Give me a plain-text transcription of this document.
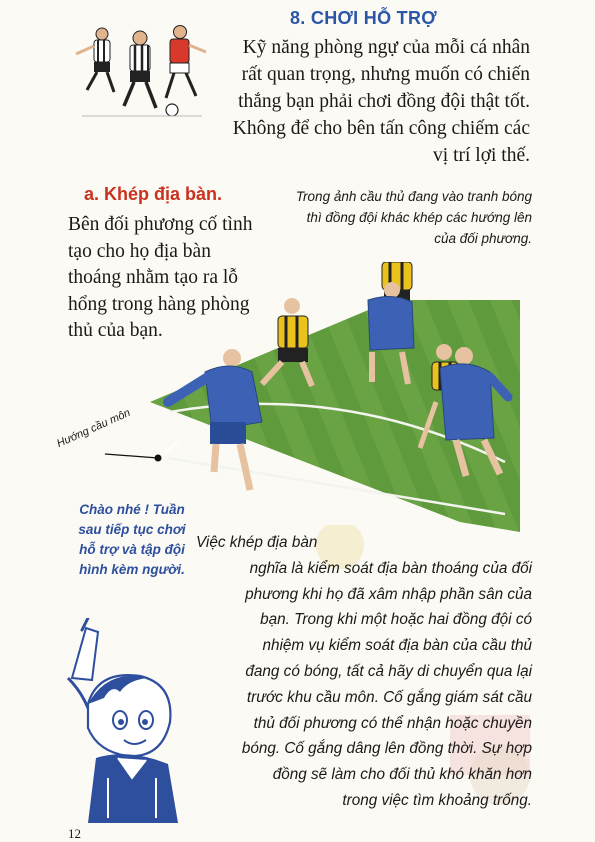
8. CHƠI HỖ TRỢ
Kỹ năng phòng ngự của mỗi cá nhân rất quan trọng, nhưng muốn có chiến thắng bạn phải chơi đồng đội thật tốt. Không để cho bên tấn công chiếm các vị trí lợi thế.
a. Khép địa bàn.
Bên đối phương cố tình tạo cho họ địa bàn thoáng nhằm tạo ra lỗ hổng trong hàng phòng thủ của bạn.
Trong ảnh cầu thủ đang vào tranh bóng thì đồng đội khác khép các hướng lên của đối phương.
Hướng cầu môn
Chào nhé ! Tuần sau tiếp tục chơi hỗ trợ và tập đội hình kèm người.
Việc khép địa bàn
nghĩa là kiểm soát địa bàn thoáng của đối
phương khi họ đã xâm nhập phần sân của
bạn. Trong khi một hoặc hai đồng đội có
nhiệm vụ kiểm soát địa bàn của cầu thủ
đang có bóng, tất cả hãy di chuyển qua lại
trước khu cầu môn. Cố gắng giám sát cầu
thủ đối phương có thể nhận hoặc chuyền
bóng. Cố gắng dâng lên đồng thời. Sự hợp
đồng sẽ làm cho đối thủ khó khăn hơn
trong việc tìm khoảng trống.
12
